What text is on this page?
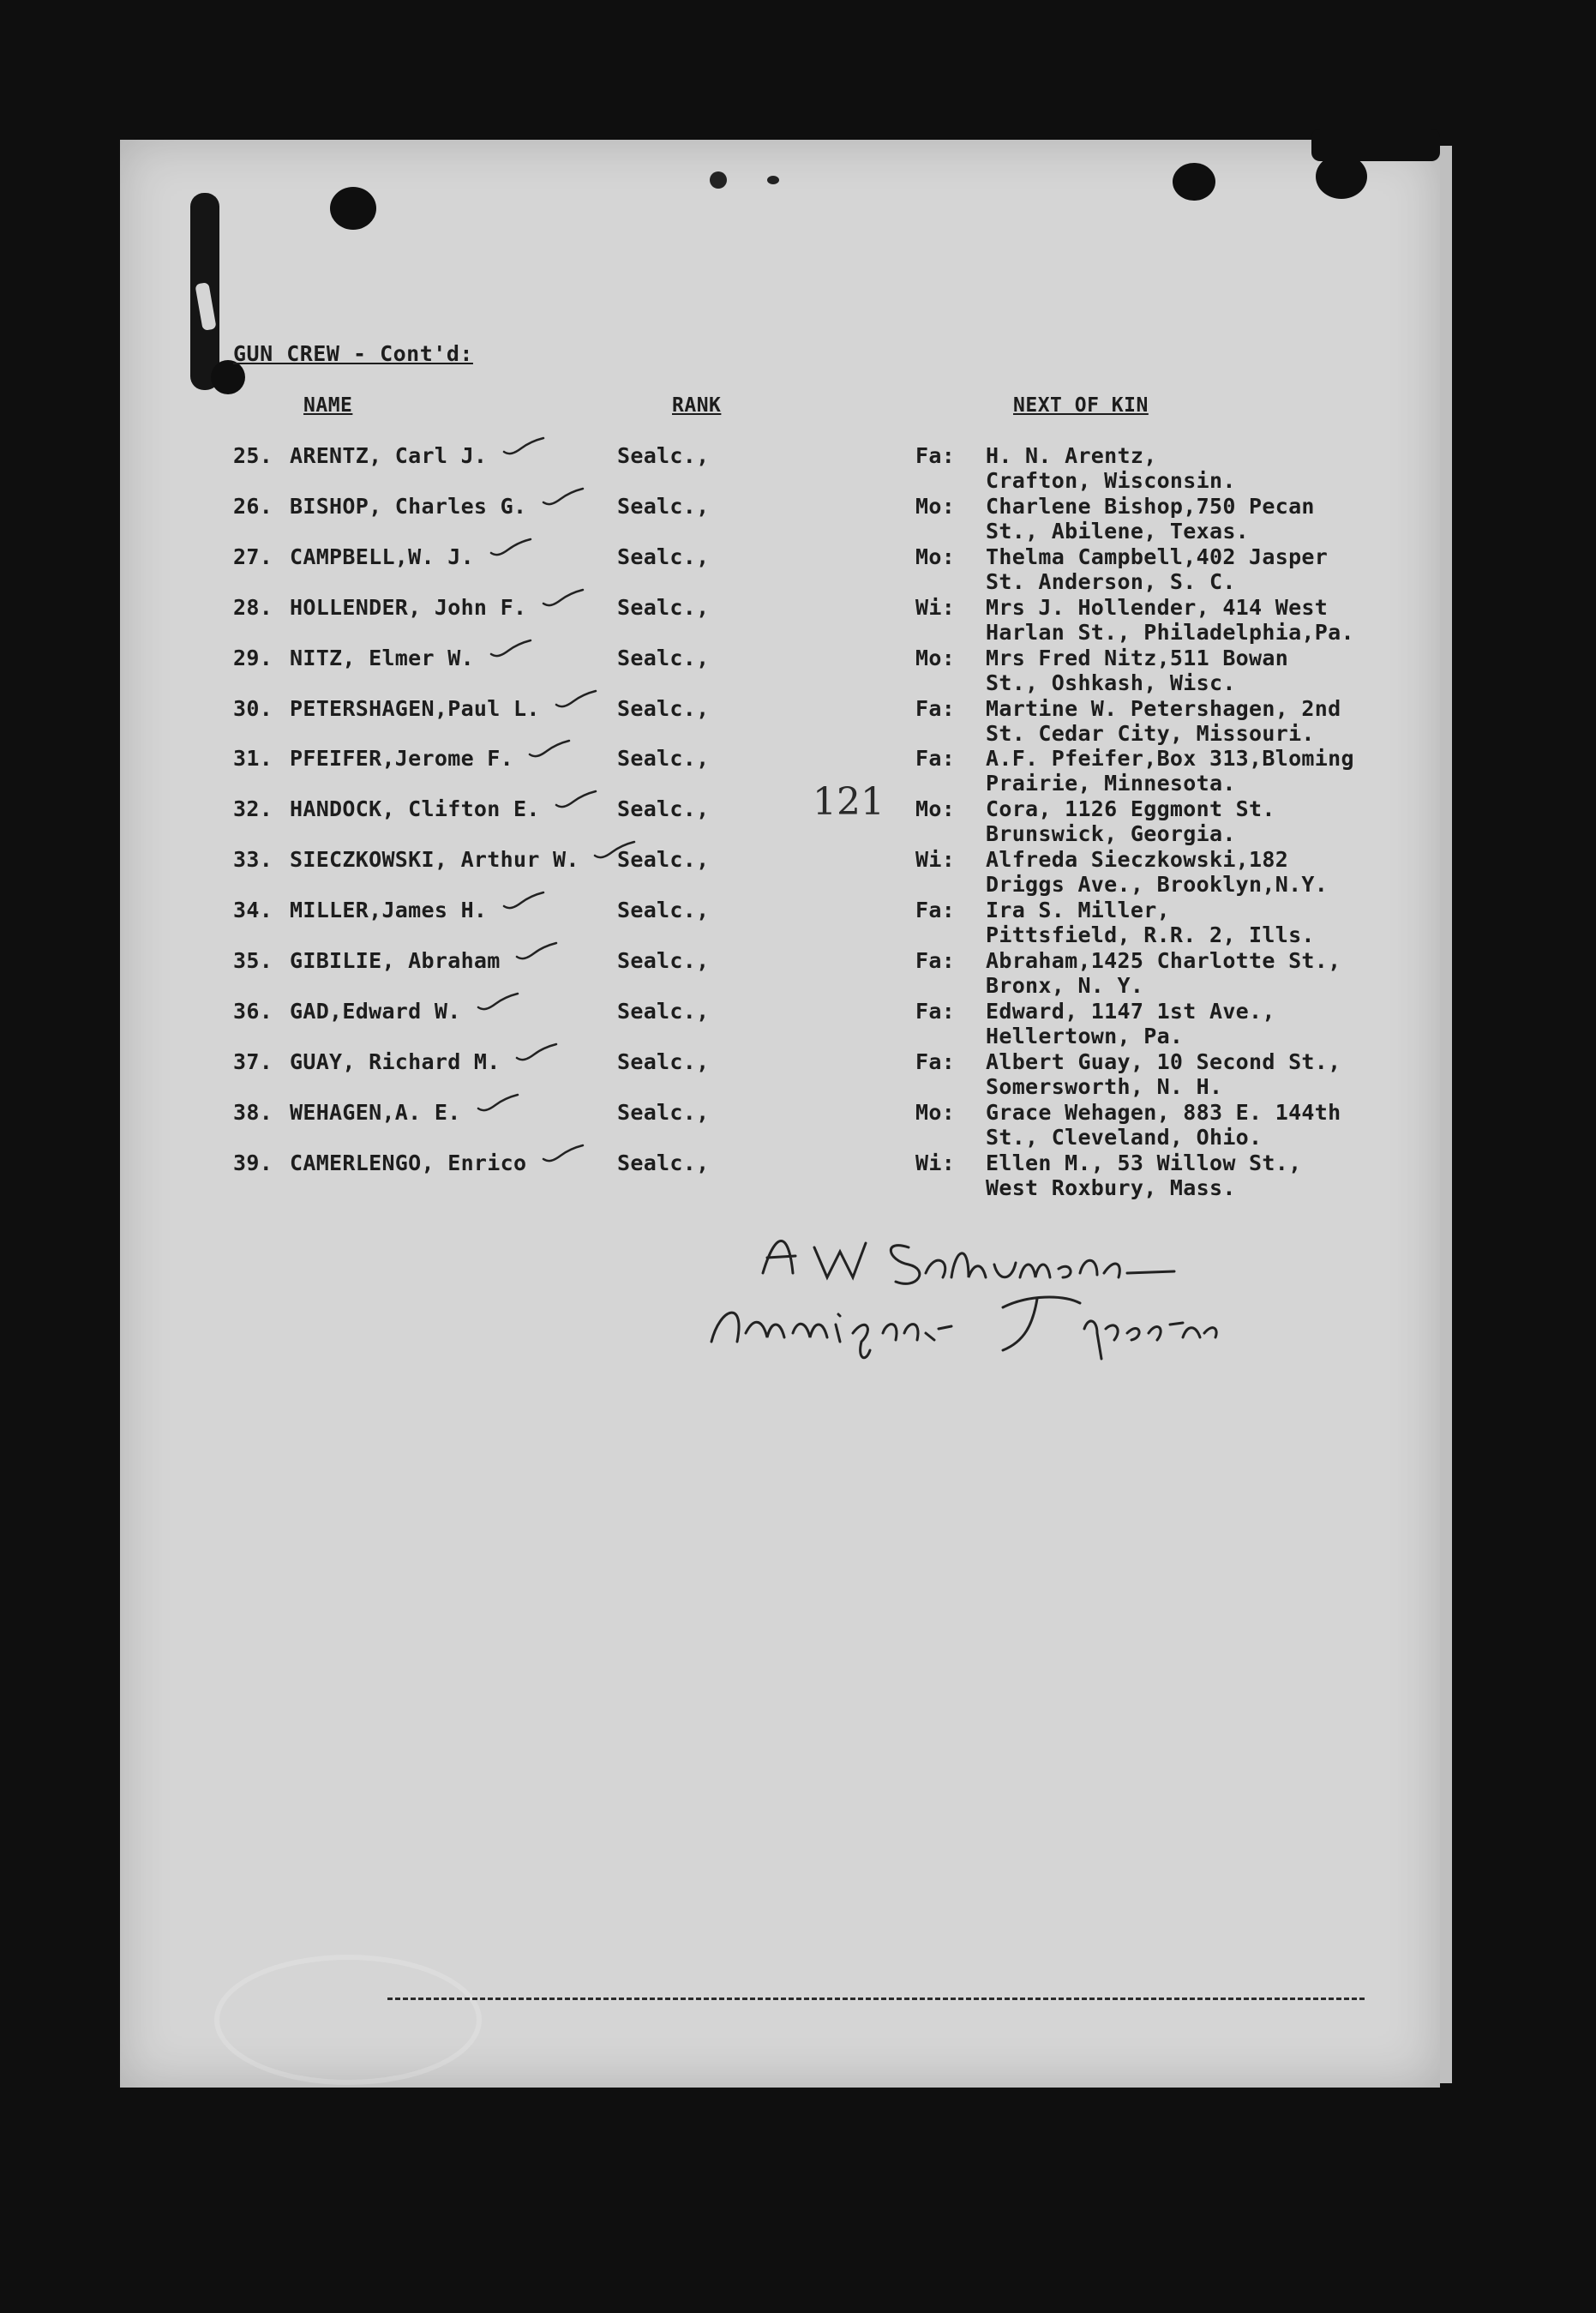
GUN CREW - Cont'd:
NAME	RANK	NEXT OF KIN
25. ARENTZ, Carl J.	Sealc.,	Fa: H. N. Arentz,
Crafton, Wisconsin.
26. BISHOP, Charles G.	Sealc.,	Mo: Charlene Bishop,750 Pecan
St., Abilene, Texas.
27. CAMPBELL,W. J.	Sealc.,	Mo: Thelma Campbell,402 Jasper
St. Anderson, S. C.
28. HOLLENDER, John F.	Sealc.,	Wi: Mrs J. Hollender, 414 West
Harlan St., Philadelphia,Pa.
29. NITZ, Elmer W.	Sealc.,	Mo: Mrs Fred Nitz,511 Bowan
St., Oshkash, Wisc.
30. PETERSHAGEN,Paul L.	Sealc.,	Fa: Martine W. Petershagen, 2nd
St. Cedar City, Missouri.
31. PFEIFER,Jerome F.	Sealc.,	Fa: A.F. Pfeifer,Box 313,Bloming
Prairie, Minnesota.
32. HANDOCK, Clifton E.	Sealc.,	Mo: Cora, 1126 Eggmont St.
Brunswick, Georgia.
33. SIECZKOWSKI, Arthur W. Sealc.,	Wi: Alfreda Sieczkowski,182
Driggs Ave., Brooklyn,N.Y.
34. MILLER,James H.	Sealc.,	Fa: Ira S. Miller,
Pittsfield, R.R. 2, Ills.
35. GIBILIE, Abraham	Sealc.,	Fa: Abraham,1425 Charlotte St.,
Bronx, N. Y.
36. GAD,Edward W.	Sealc.,	Fa: Edward, 1147 1st Ave.,
Hellertown, Pa.
37. GUAY, Richard M.	Sealc.,	Fa: Albert Guay, 10 Second St.,
Somersworth, N. H.
38. WEHAGEN,A. E.	Sealc.,	Mo: Grace Wehagen, 883 E. 144th
St., Cleveland, Ohio.
39. CAMERLENGO, Enrico	Sealc.,	Wi: Ellen M., 53 Willow St.,
West Roxbury, Mass.
121
